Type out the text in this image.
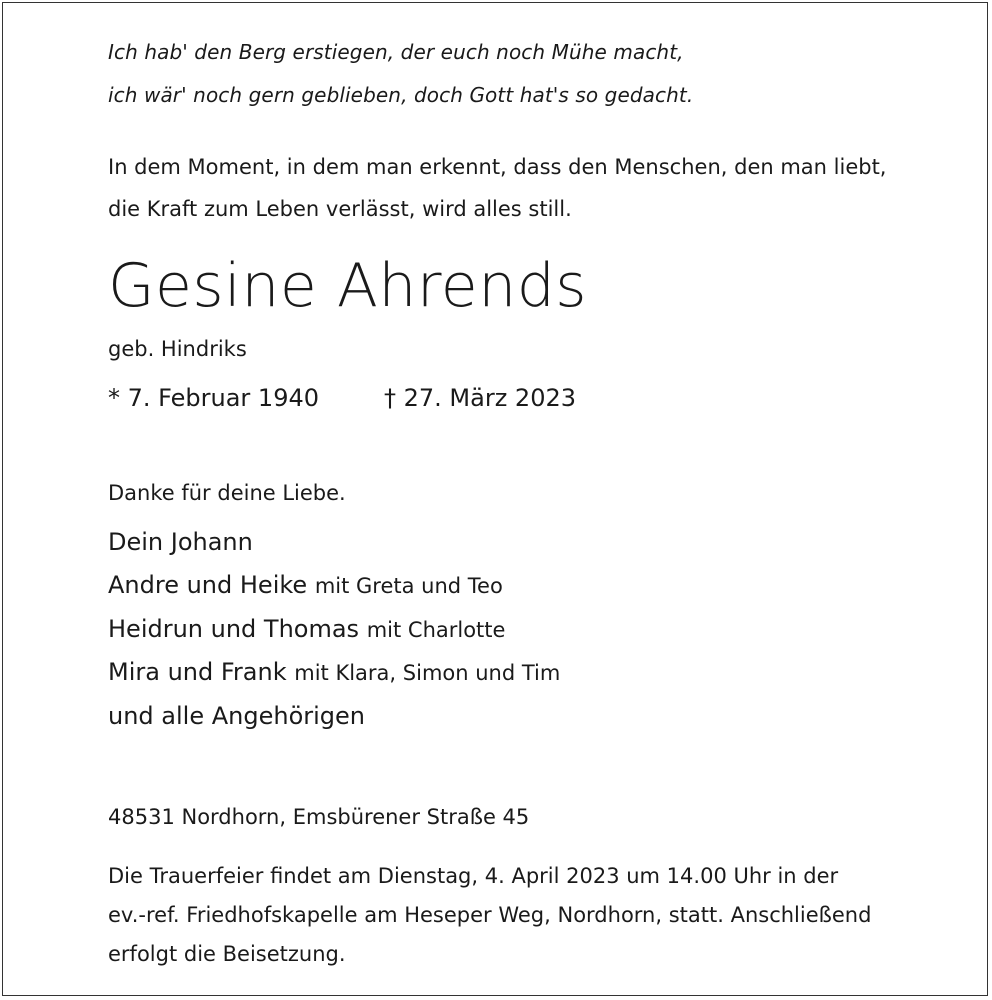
Ich hab' den Berg erstiegen, der euch noch Mühe macht,
ich wär' noch gern geblieben, doch Gott hat's so gedacht.
In dem Moment, in dem man erkennt, dass den Menschen, den man liebt,
die Kraft zum Leben verlässt, wird alles still.
Gesine Ahrends
geb. Hindriks
* 7. Februar 1940	† 27. März 2023
Danke für deine Liebe.
Dein Johann
Andre und Heike mit Greta und Teo
Heidrun und Thomas mit Charlotte
Mira und Frank mit Klara, Simon und Tim
und alle Angehörigen
48531 Nordhorn, Emsbürener Straße 45
Die Trauerfeier findet am Dienstag, 4. April 2023 um 14.00 Uhr in der
ev.-ref. Friedhofskapelle am Heseper Weg, Nordhorn, statt. Anschließend
erfolgt die Beisetzung.
